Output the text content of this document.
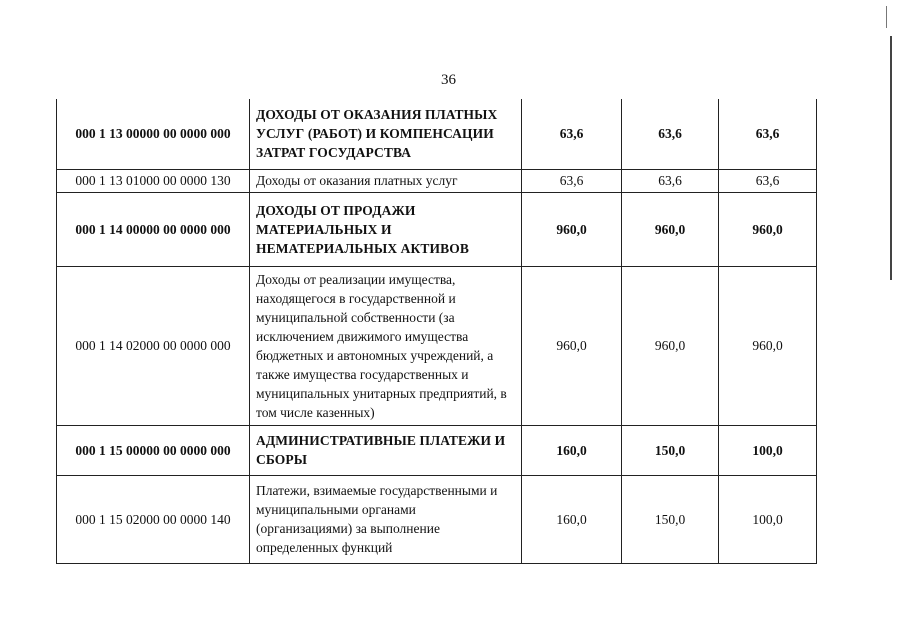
36
000 1 13 00000 00 0000 000	ДОХОДЫ ОТ ОКАЗАНИЯ ПЛАТНЫХ УСЛУГ (РАБОТ) И КОМПЕНСАЦИИ ЗАТРАТ ГОСУДАРСТВА	63,6	63,6	63,6
000 1 13 01000 00 0000 130	Доходы от оказания платных услуг	63,6	63,6	63,6
000 1 14 00000 00 0000 000	ДОХОДЫ ОТ ПРОДАЖИ МАТЕРИАЛЬНЫХ И НЕМАТЕРИАЛЬНЫХ АКТИВОВ	960,0	960,0	960,0
000 1 14 02000 00 0000 000	Доходы от реализации имущества, находящегося в государственной и муниципальной собственности (за исключением движимого имущества бюджетных и автономных учреждений, а также имущества государственных и муниципальных унитарных предприятий, в том числе казенных)	960,0	960,0	960,0
000 1 15 00000 00 0000 000	АДМИНИСТРАТИВНЫЕ ПЛАТЕЖИ И СБОРЫ	160,0	150,0	100,0
000 1 15 02000 00 0000 140	Платежи, взимаемые государственными и муниципальными органами (организациями) за выполнение определенных функций	160,0	150,0	100,0
